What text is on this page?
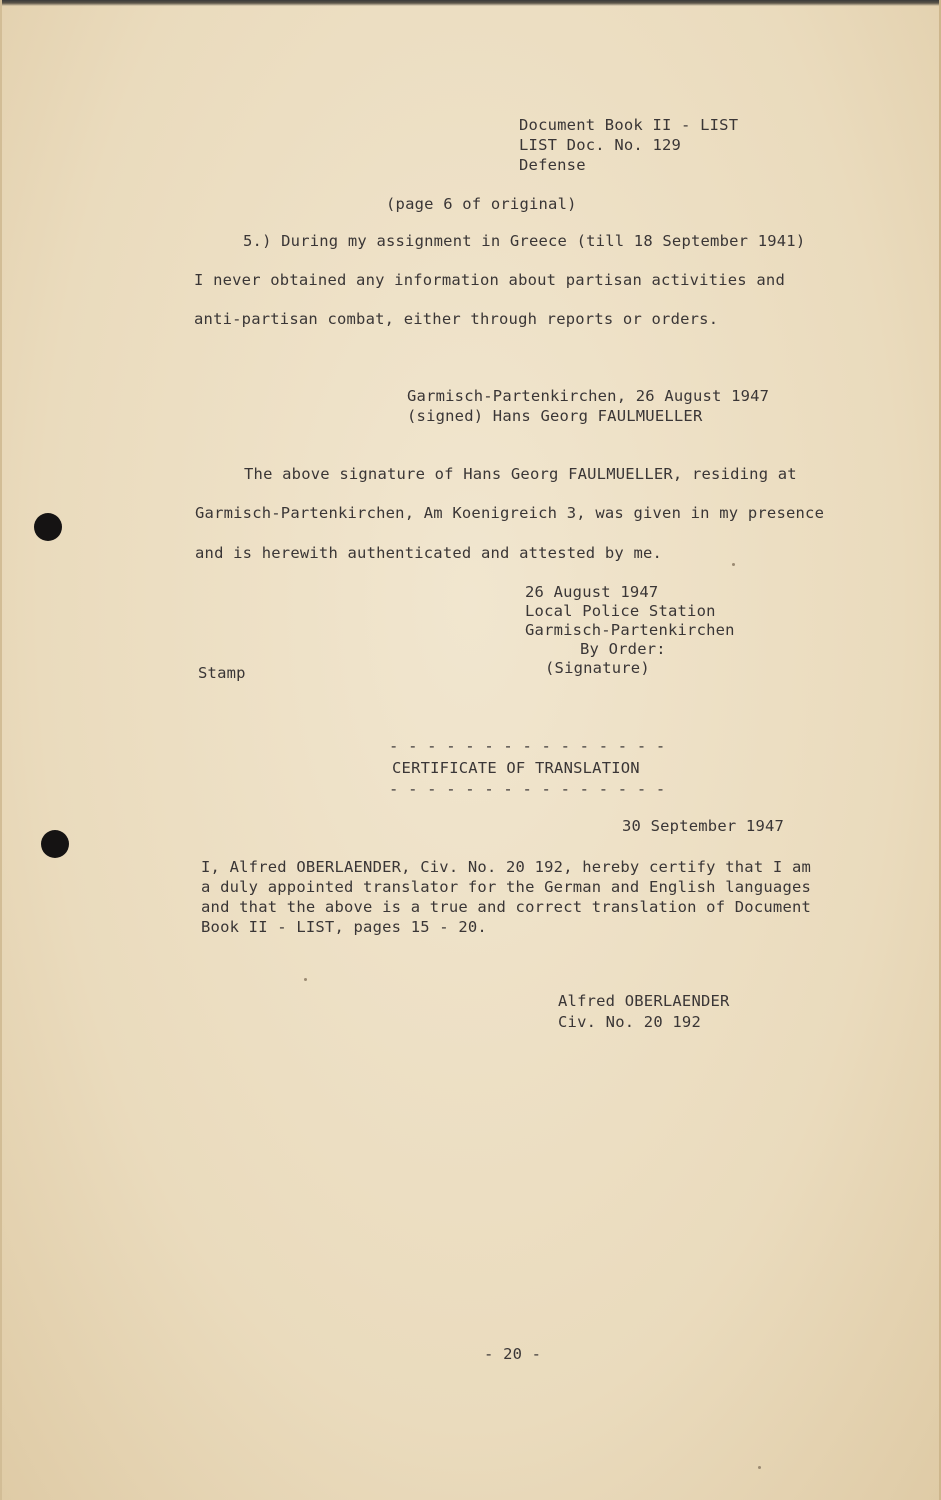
Document Book II - LIST
LIST Doc. No. 129
Defense
(page 6 of original)
5.) During my assignment in Greece (till 18 September 1941)
I never obtained any information about partisan activities and
anti-partisan combat, either through reports or orders.
Garmisch-Partenkirchen, 26 August 1947
(signed) Hans Georg FAULMUELLER
The above signature of Hans Georg FAULMUELLER, residing at
Garmisch-Partenkirchen, Am Koenigreich 3, was given in my presence
and is herewith authenticated and attested by me.
26 August 1947
Local Police Station
Garmisch-Partenkirchen
By Order:
(Signature)
Stamp
- - - - - - - - - - - - - - -
CERTIFICATE OF TRANSLATION
- - - - - - - - - - - - - - -
30 September 1947
I, Alfred OBERLAENDER, Civ. No. 20 192, hereby certify that I am
a duly appointed translator for the German and English languages
and that the above is a true and correct translation of Document
Book II - LIST, pages 15 - 20.
Alfred OBERLAENDER
Civ. No. 20 192
- 20 -
